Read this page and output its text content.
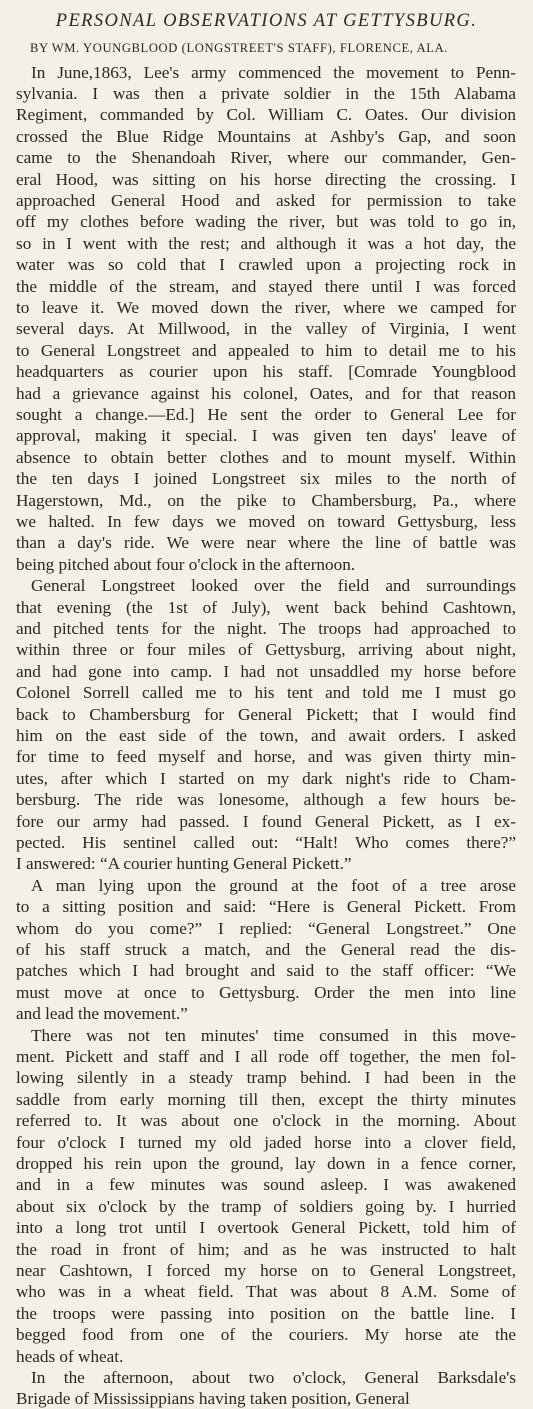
PERSONAL OBSERVATIONS AT GETTYSBURG.
BY WM. YOUNGBLOOD (LONGSTREET'S STAFF), FLORENCE, ALA.
In June,1863, Lee's army commenced the movement to Penn-
sylvania. I was then a private soldier in the 15th Alabama
Regiment, commanded by Col. William C. Oates. Our division
crossed the Blue Ridge Mountains at Ashby's Gap, and soon
came to the Shenandoah River, where our commander, Gen-
eral Hood, was sitting on his horse directing the crossing. I
approached General Hood and asked for permission to take
off my clothes before wading the river, but was told to go in,
so in I went with the rest; and although it was a hot day, the
water was so cold that I crawled upon a projecting rock in
the middle of the stream, and stayed there until I was forced
to leave it. We moved down the river, where we camped for
several days. At Millwood, in the valley of Virginia, I went
to General Longstreet and appealed to him to detail me to his
headquarters as courier upon his staff. [Comrade Youngblood
had a grievance against his colonel, Oates, and for that reason
sought a change.—Ed.] He sent the order to General Lee for
approval, making it special. I was given ten days' leave of
absence to obtain better clothes and to mount myself. Within
the ten days I joined Longstreet six miles to the north of
Hagerstown, Md., on the pike to Chambersburg, Pa., where
we halted. In few days we moved on toward Gettysburg, less
than a day's ride. We were near where the line of battle was
being pitched about four o'clock in the afternoon.
General Longstreet looked over the field and surroundings
that evening (the 1st of July), went back behind Cashtown,
and pitched tents for the night. The troops had approached to
within three or four miles of Gettysburg, arriving about night,
and had gone into camp. I had not unsaddled my horse before
Colonel Sorrell called me to his tent and told me I must go
back to Chambersburg for General Pickett; that I would find
him on the east side of the town, and await orders. I asked
for time to feed myself and horse, and was given thirty min-
utes, after which I started on my dark night's ride to Cham-
bersburg. The ride was lonesome, although a few hours be-
fore our army had passed. I found General Pickett, as I ex-
pected. His sentinel called out: “Halt! Who comes there?”
I answered: “A courier hunting General Pickett.”
A man lying upon the ground at the foot of a tree arose
to a sitting position and said: “Here is General Pickett. From
whom do you come?” I replied: “General Longstreet.” One
of his staff struck a match, and the General read the dis-
patches which I had brought and said to the staff officer: “We
must move at once to Gettysburg. Order the men into line
and lead the movement.”
There was not ten minutes' time consumed in this move-
ment. Pickett and staff and I all rode off together, the men fol-
lowing silently in a steady tramp behind. I had been in the
saddle from early morning till then, except the thirty minutes
referred to. It was about one o'clock in the morning. About
four o'clock I turned my old jaded horse into a clover field,
dropped his rein upon the ground, lay down in a fence corner,
and in a few minutes was sound asleep. I was awakened
about six o'clock by the tramp of soldiers going by. I hurried
into a long trot until I overtook General Pickett, told him of
the road in front of him; and as he was instructed to halt
near Cashtown, I forced my horse on to General Longstreet,
who was in a wheat field. That was about 8 A.M. Some of
the troops were passing into position on the battle line. I
begged food from one of the couriers. My horse ate the
heads of wheat.
In the afternoon, about two o'clock, General Barksdale's
Brigade of Mississippians having taken position, General
